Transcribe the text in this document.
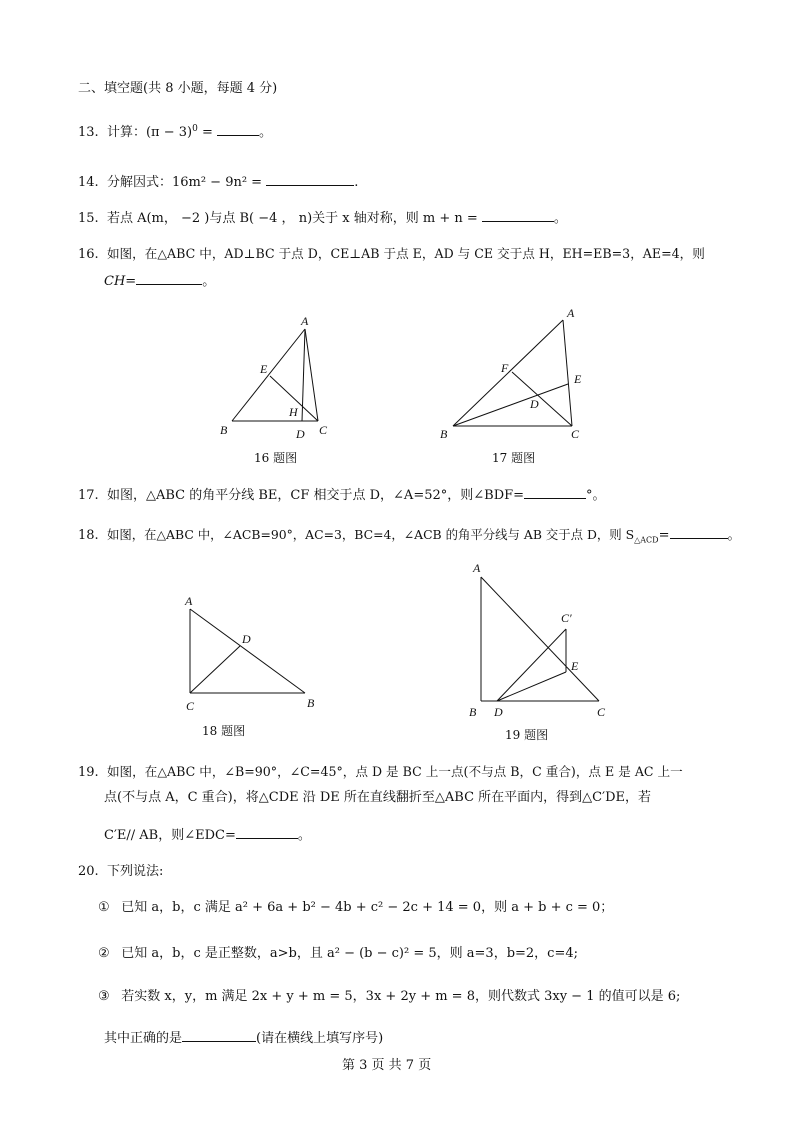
二、填空题(共 8 小题，每题 4 分)
13. 计算：$(\pi - 3)^0$ =	。
14. 分解因式：16m² − 9n² =	.
15. 若点 A(m， −2 )与点 B( −4 ， n)关于 x 轴对称，则 m + n =	。
16. 如图，在△ABC 中，AD⊥BC 于点 D，CE⊥AB 于点 E，AD 与 CE 交于点 H，EH=EB=3，AE=4，则
CH=	。
A
E
H
B	D C
16 题图
A
F
E
D
B	C
17 题图
17. 如图，△ABC 的角平分线 BE，CF 相交于点 D，∠A=52°，则∠BDF=	°。
18. 如图，在△ABC 中，∠ACB=90°，AC=3，BC=4，∠ACB 的角平分线与 AB 交于点 D，则 $S_{\triangle ACD}=$	。
A
D
C	B
18 题图
A
C′
E
B D	C
19 题图
19. 如图，在△ABC 中，∠B=90°，∠C=45°，点 D 是 BC 上一点(不与点 B，C 重合)，点 E 是 AC 上一
点(不与点 A，C 重合)，将△CDE 沿 DE 所在直线翻折至△ABC 所在平面内，得到△C′DE，若
C′E// AB，则∠EDC=	。
20. 下列说法:
① 已知 a，b，c 满足 a² + 6a + b² − 4b + c² − 2c + 14 = 0，则 a + b + c = 0；
② 已知 a，b，c 是正整数，a>b，且 a² − (b − c)² = 5，则 a=3，b=2，c=4;
③ 若实数 x，y，m 满足 2x + y + m = 5，3x + 2y + m = 8，则代数式 3xy − 1 的值可以是 6;
其中正确的是	(请在横线上填写序号)
第 3 页 共 7 页
